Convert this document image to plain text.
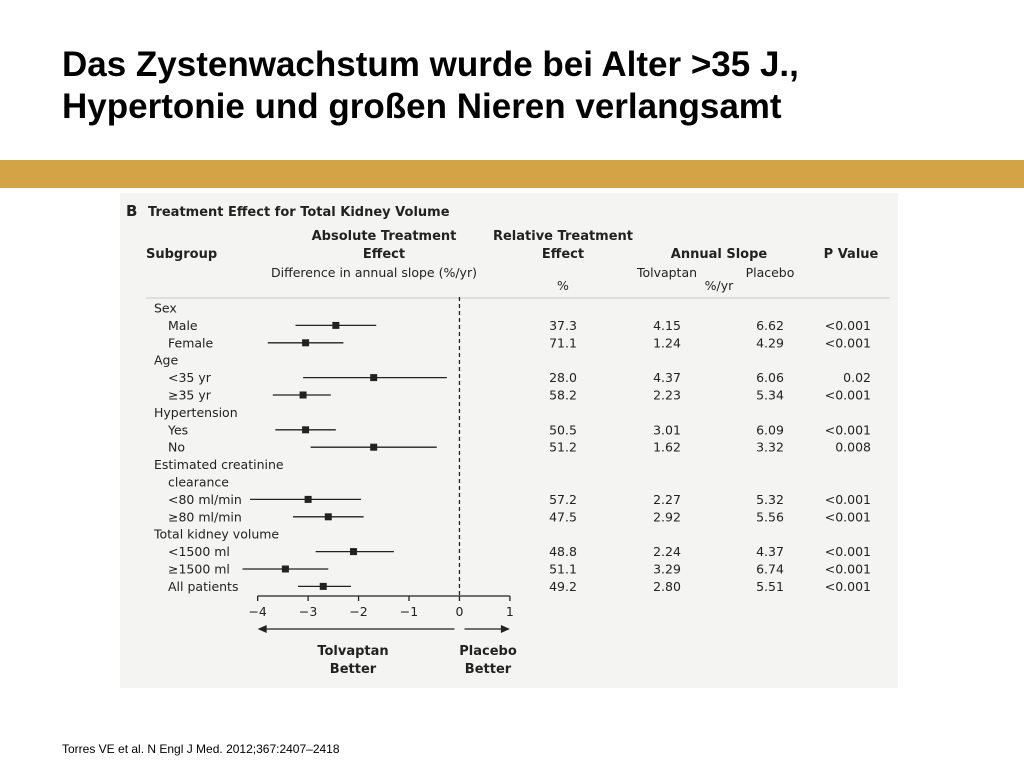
Das Zystenwachstum wurde bei Alter >35 J.,
Hypertonie und großen Nieren verlangsamt
B Treatment Effect for Total Kidney Volume
Subgroup
Absolute Treatment
Effect
Difference in annual slope (%/yr)
Relative Treatment
Effect
%
Annual Slope
Tolvaptan	Placebo
%/yr
P Value
Sex
Male	37.3	4.15	6.62	<0.001
Female	71.1	1.24	4.29	<0.001
Age
<35 yr	28.0	4.37	6.06	0.02
≥35 yr	58.2	2.23	5.34	<0.001
Hypertension
Yes	50.5	3.01	6.09	<0.001
No	51.2	1.62	3.32	0.008
Estimated creatinine
clearance
<80 ml/min	57.2	2.27	5.32	<0.001
≥80 ml/min	47.5	2.92	5.56	<0.001
Total kidney volume
<1500 ml	48.8	2.24	4.37	<0.001
≥1500 ml	51.1	3.29	6.74	<0.001
All patients	49.2	2.80	5.51	<0.001
−4	−3	−2	−1	0	1
Tolvaptan
Better
Placebo
Better
Torres VE et al. N Engl J Med. 2012;367:2407–2418
